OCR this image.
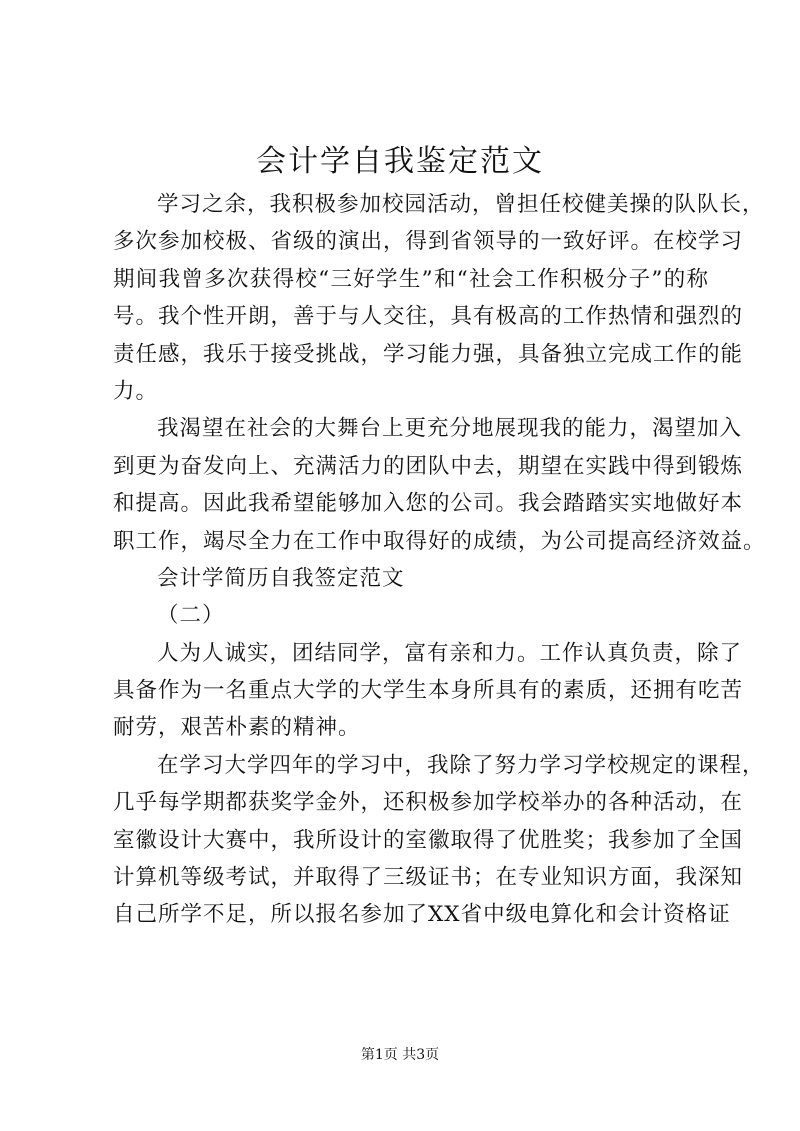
会计学自我鉴定范文
学习之余，我积极参加校园活动，曾担任校健美操的队队长，
多次参加校极、省级的演出，得到省领导的一致好评。在校学习
期间我曾多次获得校“三好学生”和“社会工作积极分子”的称
号。我个性开朗，善于与人交往，具有极高的工作热情和强烈的
责任感，我乐于接受挑战，学习能力强，具备独立完成工作的能
力。
我渴望在社会的大舞台上更充分地展现我的能力，渴望加入
到更为奋发向上、充满活力的团队中去，期望在实践中得到锻炼
和提高。因此我希望能够加入您的公司。我会踏踏实实地做好本
职工作，竭尽全力在工作中取得好的成绩，为公司提高经济效益。
会计学简历自我签定范文
（二）
人为人诚实，团结同学，富有亲和力。工作认真负责，除了
具备作为一名重点大学的大学生本身所具有的素质，还拥有吃苦
耐劳，艰苦朴素的精神。
在学习大学四年的学习中，我除了努力学习学校规定的课程，
几乎每学期都获奖学金外，还积极参加学校举办的各种活动，在
室徽设计大赛中，我所设计的室徽取得了优胜奖；我参加了全国
计算机等级考试，并取得了三级证书；在专业知识方面，我深知
自己所学不足，所以报名参加了XX省中级电算化和会计资格证
第1页 共3页
